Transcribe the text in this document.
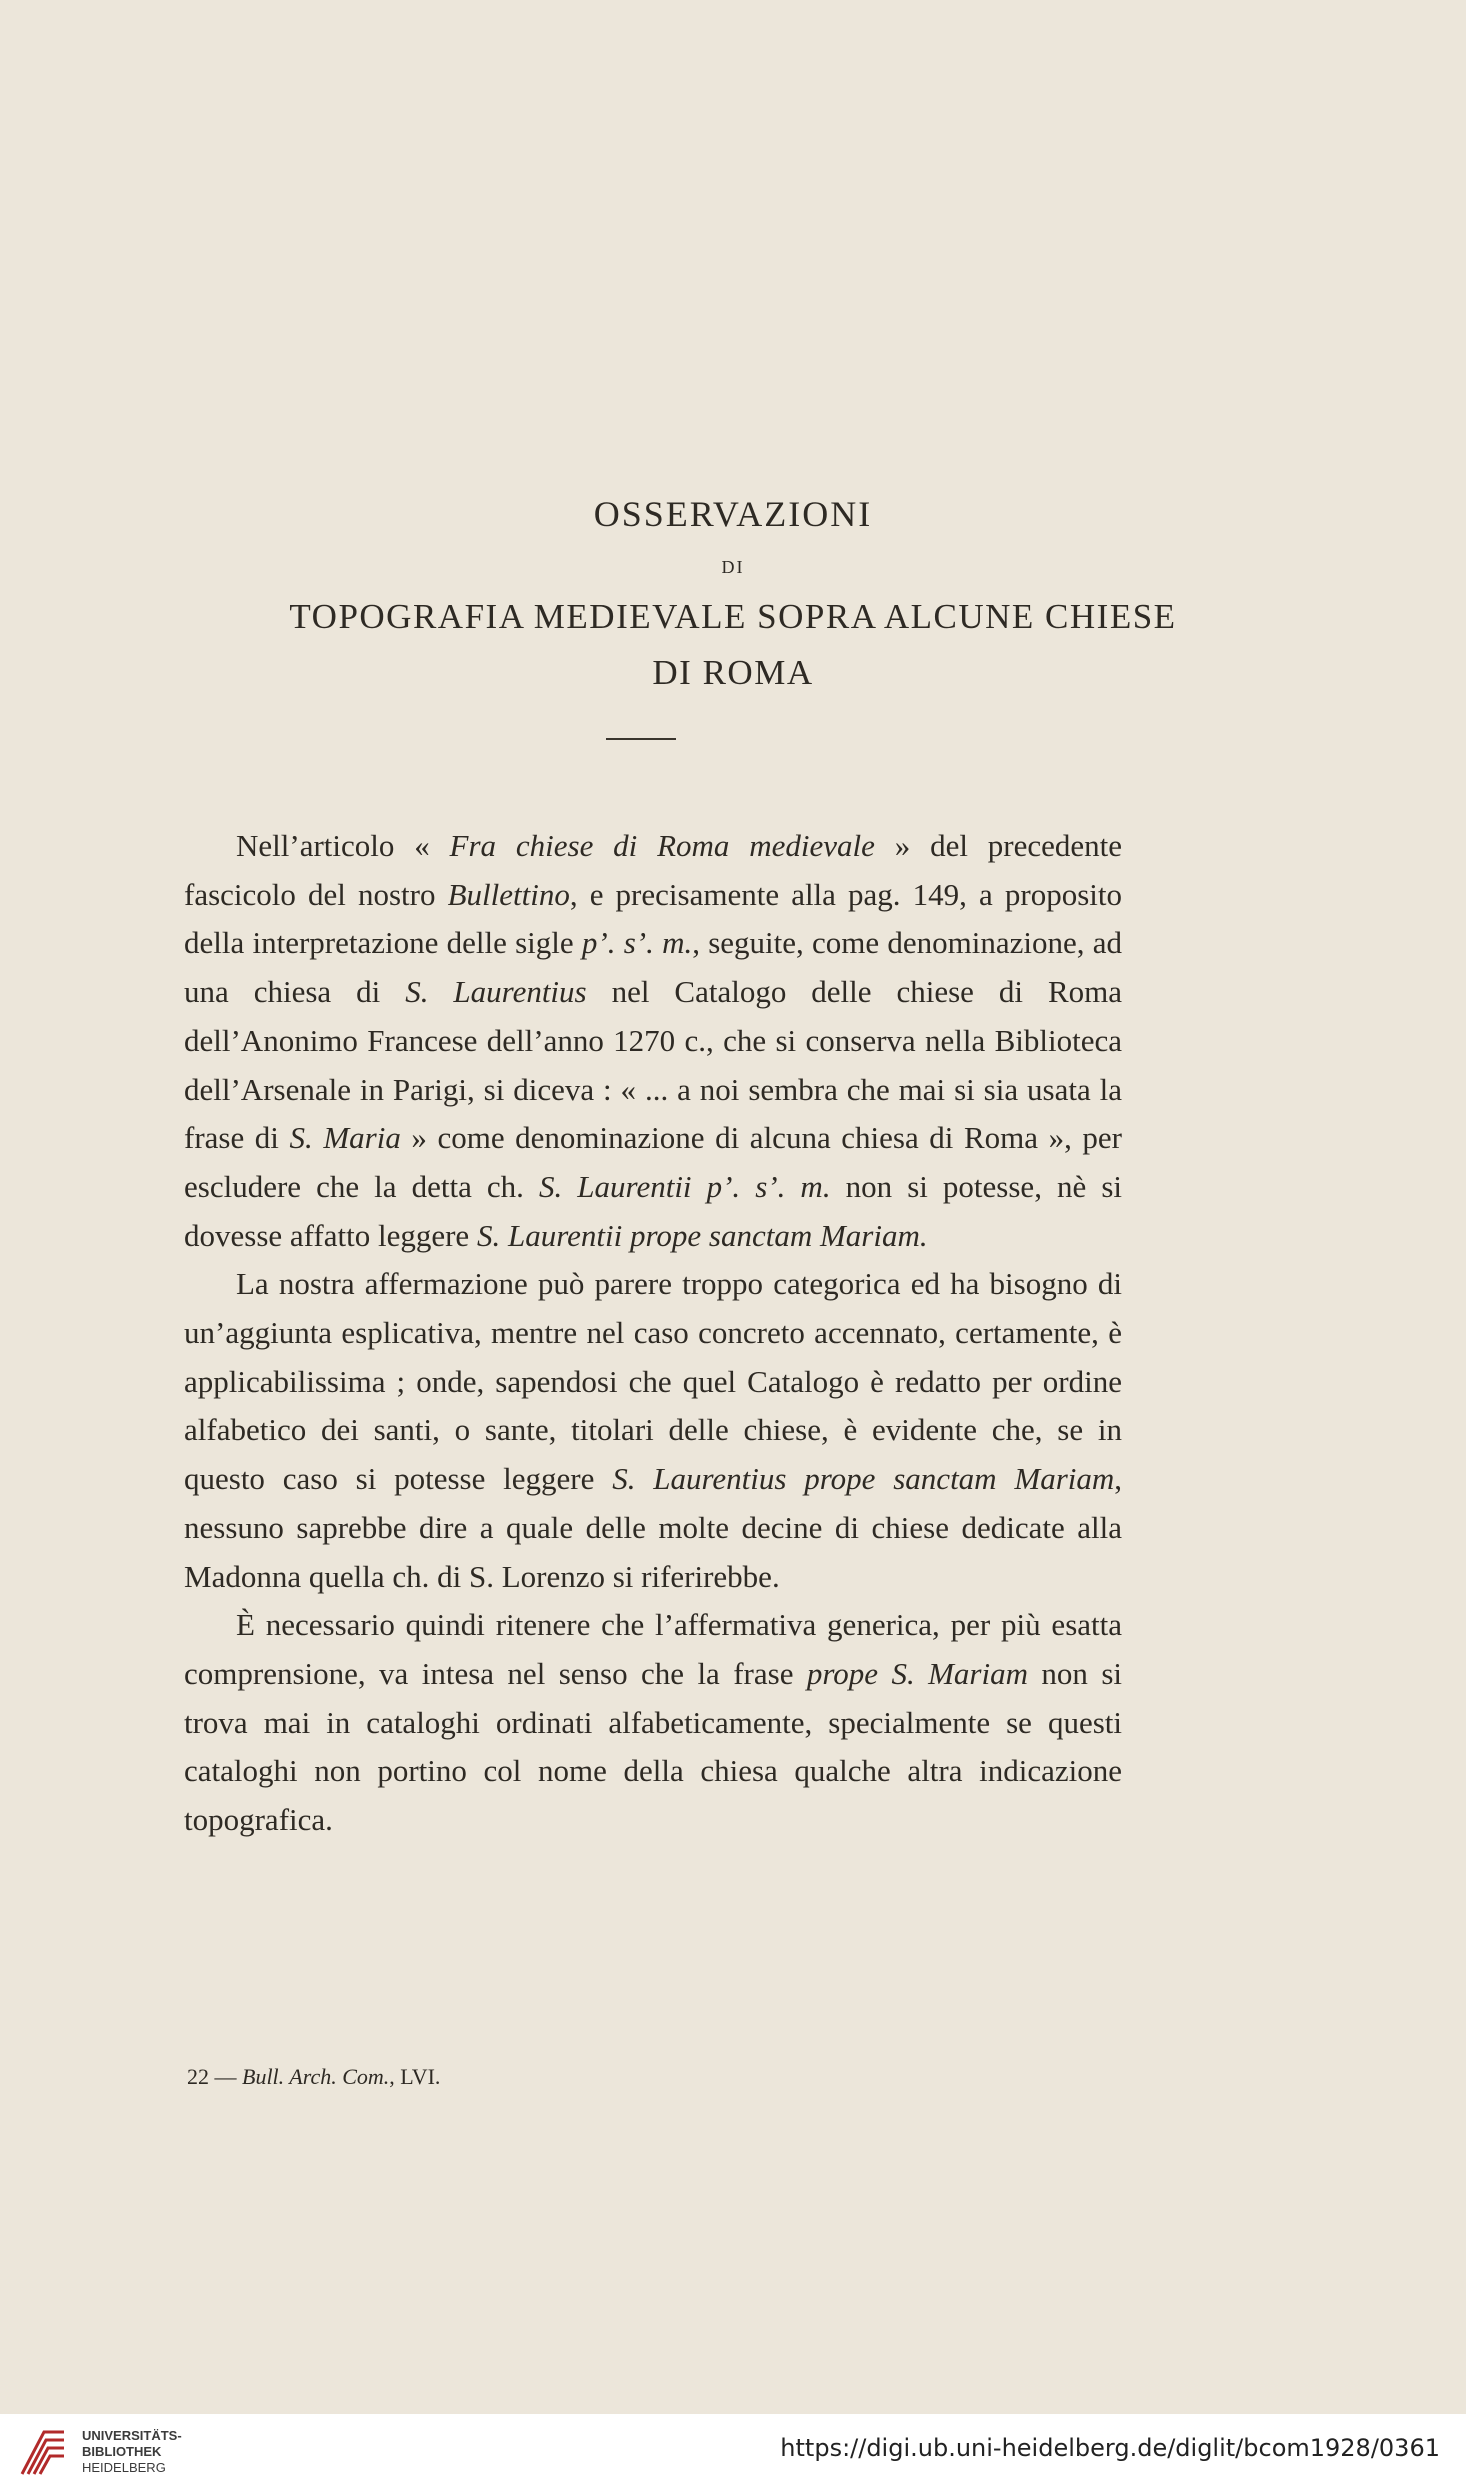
OSSERVAZIONI
DI
TOPOGRAFIA MEDIEVALE SOPRA ALCUNE CHIESE
DI ROMA

Nell’articolo « Fra chiese di Roma medievale » del precedente fascicolo del nostro Bullettino, e precisamente alla pag. 149, a proposito della interpretazione delle sigle p’. s’. m., seguite, come denominazione, ad una chiesa di S. Laurentius nel Catalogo delle chiese di Roma dell’Anonimo Francese dell’anno 1270 c., che si conserva nella Biblioteca dell’Arsenale in Parigi, si diceva : « ... a noi sembra che mai si sia usata la frase di S. Maria » come denominazione di alcuna chiesa di Roma », per escludere che la detta ch. S. Laurentii p’. s’. m. non si potesse, nè si dovesse affatto leggere S. Laurentii prope sanctam Mariam.

La nostra affermazione può parere troppo categorica ed ha bisogno di un’aggiunta esplicativa, mentre nel caso concreto accennato, certamente, è applicabilissima ; onde, sapendosi che quel Catalogo è redatto per ordine alfabetico dei santi, o sante, titolari delle chiese, è evidente che, se in questo caso si potesse leggere S. Laurentius prope sanctam Mariam, nessuno saprebbe dire a quale delle molte decine di chiese dedicate alla Madonna quella ch. di S. Lorenzo si riferirebbe.

È necessario quindi ritenere che l’affermativa generica, per più esatta comprensione, va intesa nel senso che la frase prope S. Mariam non si trova mai in cataloghi ordinati alfabeticamente, specialmente se questi cataloghi non portino col nome della chiesa qualche altra indicazione topografica.

22 — Bull. Arch. Com., LVI.
UNIVERSITÄTS-
BIBLIOTHEK
HEIDELBERG
https://digi.ub.uni-heidelberg.de/diglit/bcom1928/0361
